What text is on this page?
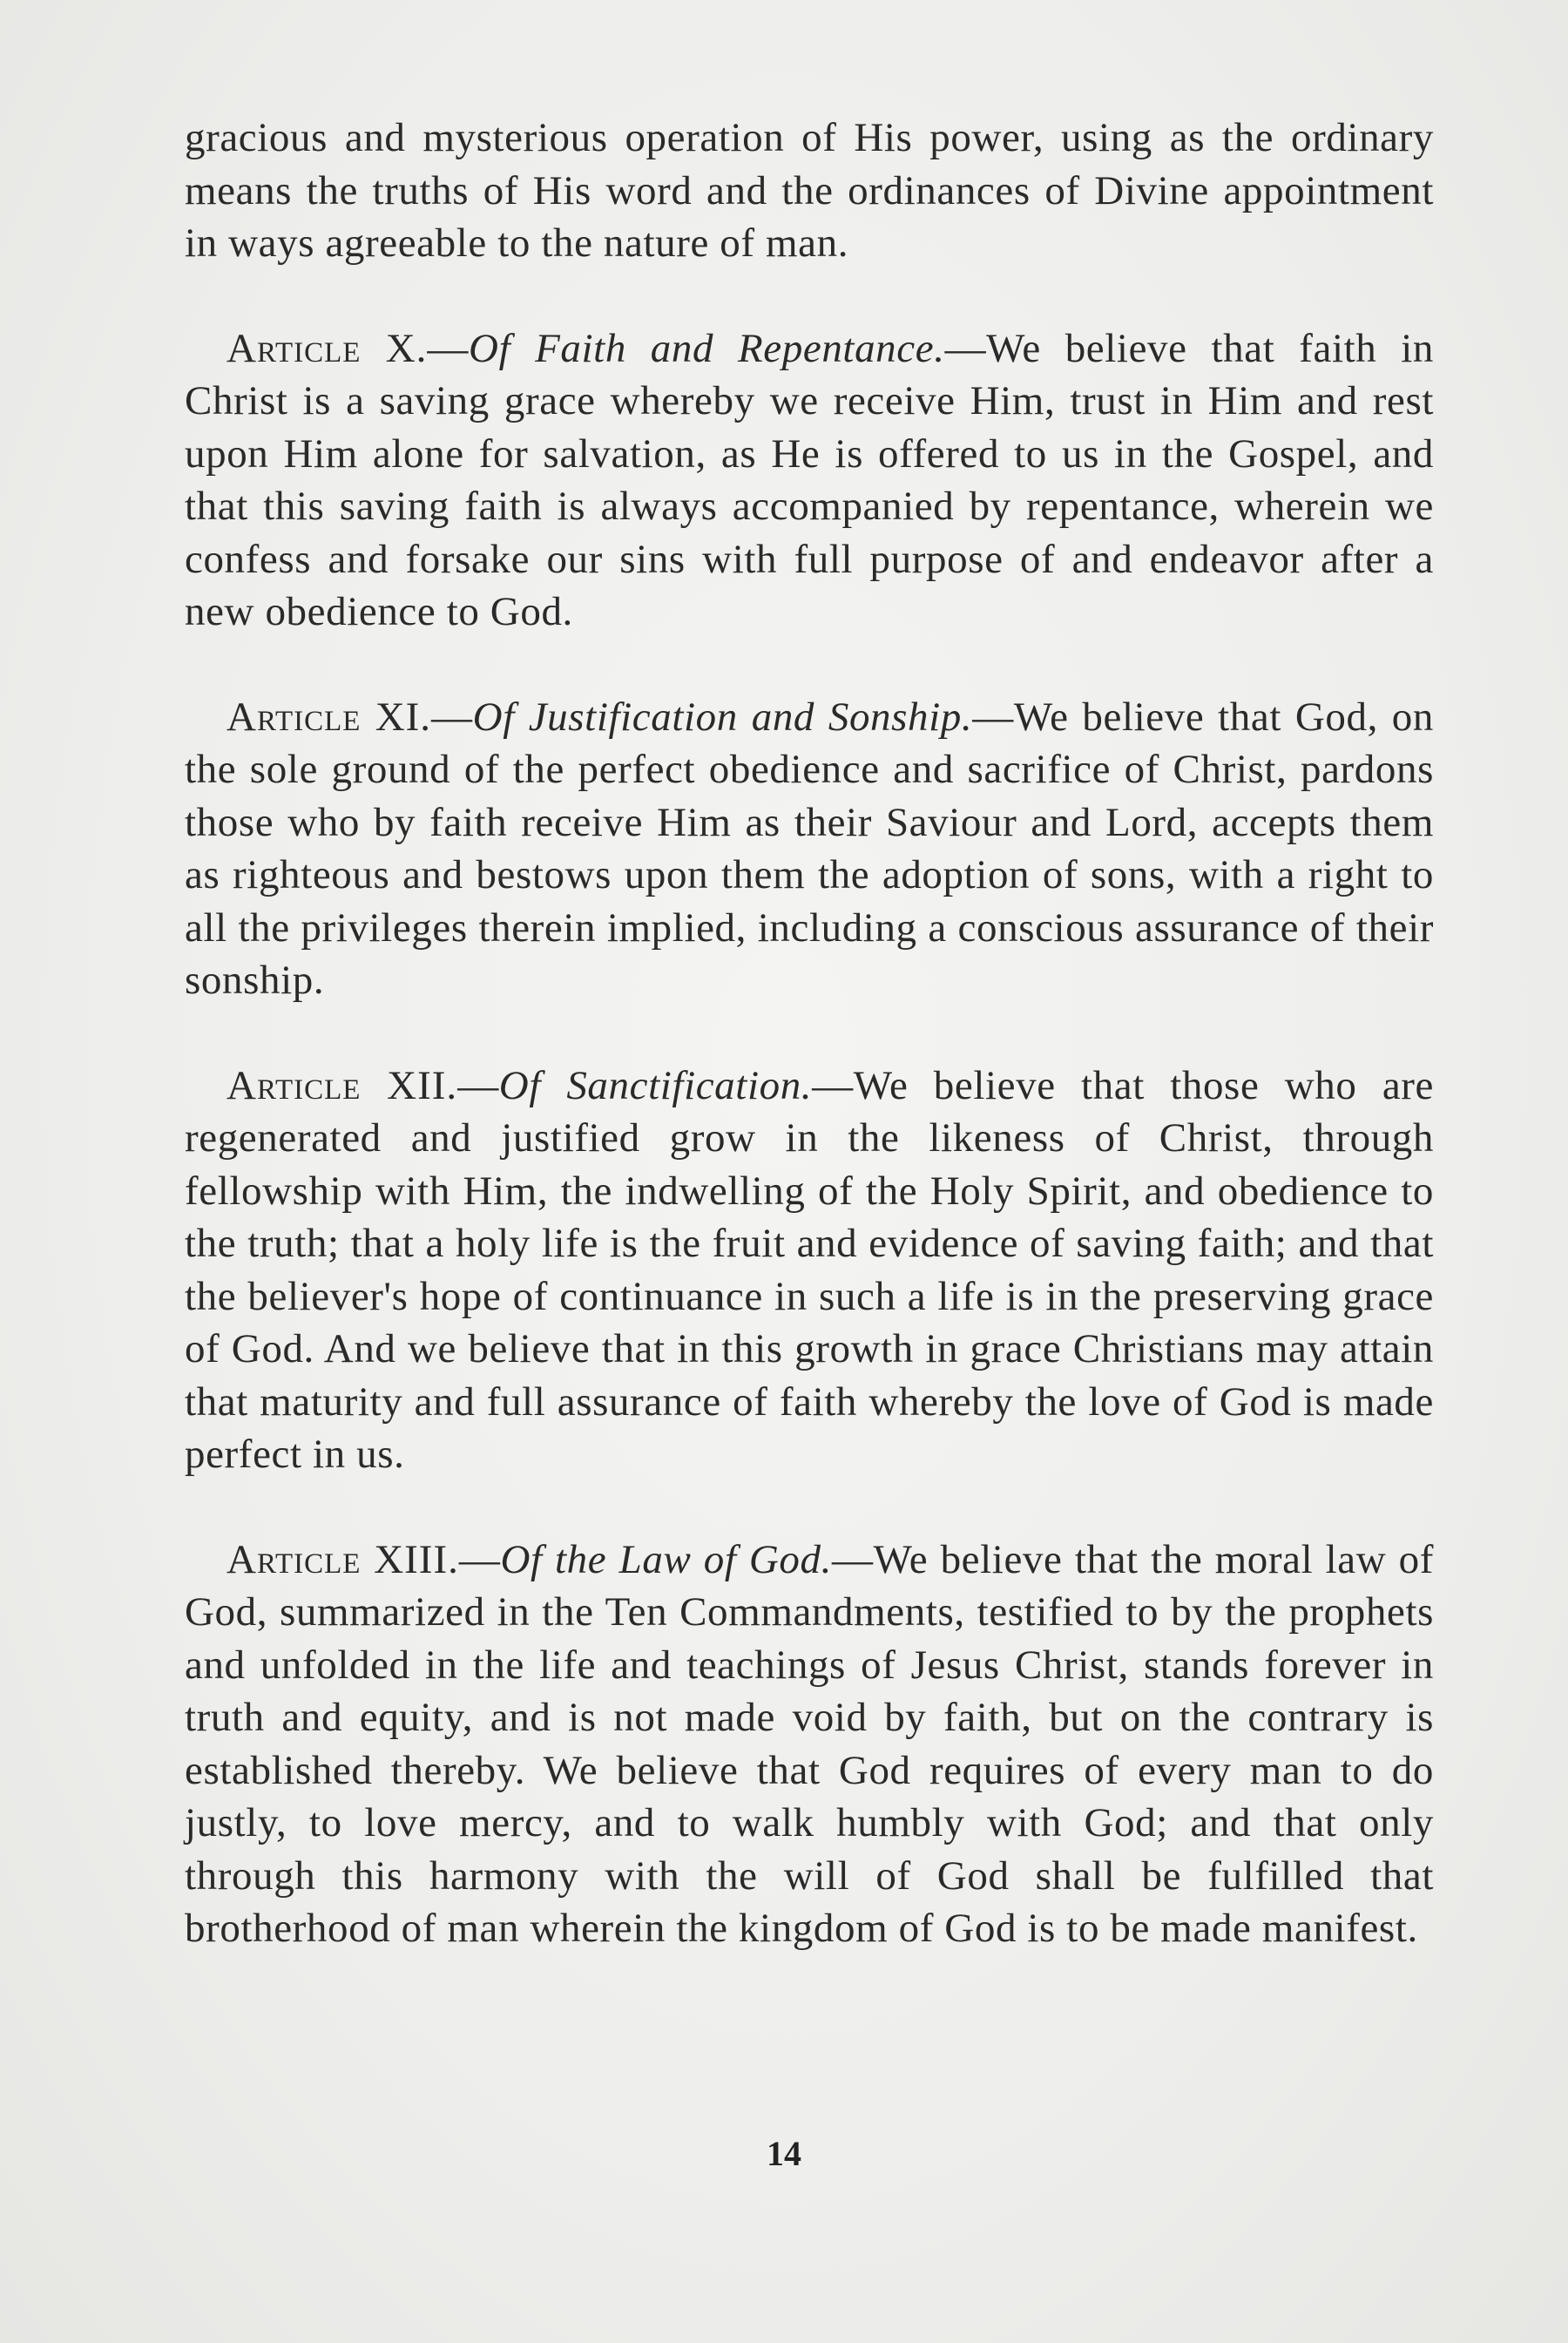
gracious and mysterious operation of His power, using as the ordinary means the truths of His word and the ordinances of Divine appointment in ways agreeable to the nature of man.

Article X.—Of Faith and Repentance.—We believe that faith in Christ is a saving grace whereby we receive Him, trust in Him and rest upon Him alone for salvation, as He is offered to us in the Gospel, and that this saving faith is always accompanied by repentance, wherein we confess and forsake our sins with full purpose of and endeavor after a new obedience to God.

Article XI.—Of Justification and Sonship.—We believe that God, on the sole ground of the perfect obedience and sacrifice of Christ, pardons those who by faith receive Him as their Saviour and Lord, accepts them as righteous and bestows upon them the adoption of sons, with a right to all the privileges therein implied, including a conscious assurance of their sonship.

Article XII.—Of Sanctification.—We believe that those who are regenerated and justified grow in the likeness of Christ, through fellowship with Him, the indwelling of the Holy Spirit, and obedience to the truth; that a holy life is the fruit and evidence of saving faith; and that the believer's hope of continuance in such a life is in the preserving grace of God. And we believe that in this growth in grace Christians may attain that maturity and full assurance of faith whereby the love of God is made perfect in us.

Article XIII.—Of the Law of God.—We believe that the moral law of God, summarized in the Ten Commandments, testified to by the prophets and unfolded in the life and teachings of Jesus Christ, stands forever in truth and equity, and is not made void by faith, but on the contrary is established thereby. We believe that God requires of every man to do justly, to love mercy, and to walk humbly with God; and that only through this harmony with the will of God shall be fulfilled that brotherhood of man wherein the kingdom of God is to be made manifest.

14
